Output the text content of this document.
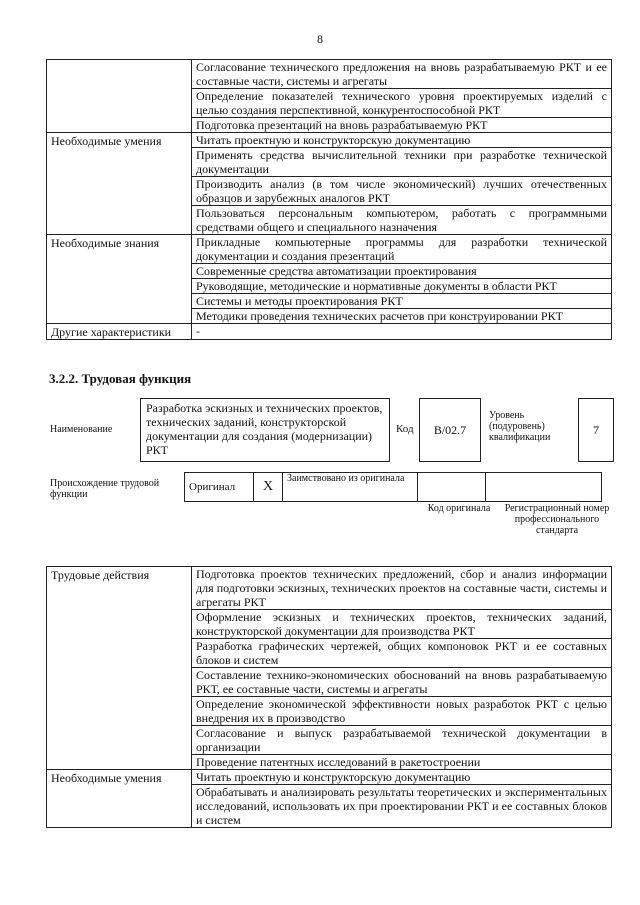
8
	Согласование технического предложения на вновь разрабатываемую РКТ и ее составные части, системы и агрегаты
	Определение показателей технического уровня проектируемых изделий с целью создания перспективной, конкурентоспособной РКТ
	Подготовка презентаций на вновь разрабатываемую РКТ
Необходимые умения	Читать проектную и конструкторскую документацию
	Применять средства вычислительной техники при разработке технической документации
	Производить анализ (в том числе экономический) лучших отечественных образцов и зарубежных аналогов РКТ
	Пользоваться персональным компьютером, работать с программными средствами общего и специального назначения
Необходимые знания	Прикладные компьютерные программы для разработки технической документации и создания презентаций
	Современные средства автоматизации проектирования
	Руководящие, методические и нормативные документы в области РКТ
	Системы и методы проектирования РКТ
	Методики проведения технических расчетов при конструировании РКТ
Другие характеристики	-
3.2.2. Трудовая функция
Наименование
Разработка эскизных и технических проектов, технических заданий, конструкторской документации для создания (модернизации) РКТ
Код	В/02.7
Уровень (подуровень) квалификации
7
Происхождение трудовой функции
Оригинал	X	Заимствовано из оригинала		
Код оригинала	Регистрационный номер профессионального стандарта
Трудовые действия	Подготовка проектов технических предложений, сбор и анализ информации для подготовки эскизных, технических проектов на составные части, системы и агрегаты РКТ
	Оформление эскизных и технических проектов, технических заданий, конструкторской документации для производства РКТ
	Разработка графических чертежей, общих компоновок РКТ и ее составных блоков и систем
	Составление технико-экономических обоснований на вновь разрабатываемую РКТ, ее составные части, системы и агрегаты
	Определение экономической эффективности новых разработок РКТ с целью внедрения их в производство
	Согласование и выпуск разрабатываемой технической документации в организации
	Проведение патентных исследований в ракетостроении
Необходимые умения	Читать проектную и конструкторскую документацию
	Обрабатывать и анализировать результаты теоретических и экспериментальных исследований, использовать их при проектировании РКТ и ее составных блоков и систем
